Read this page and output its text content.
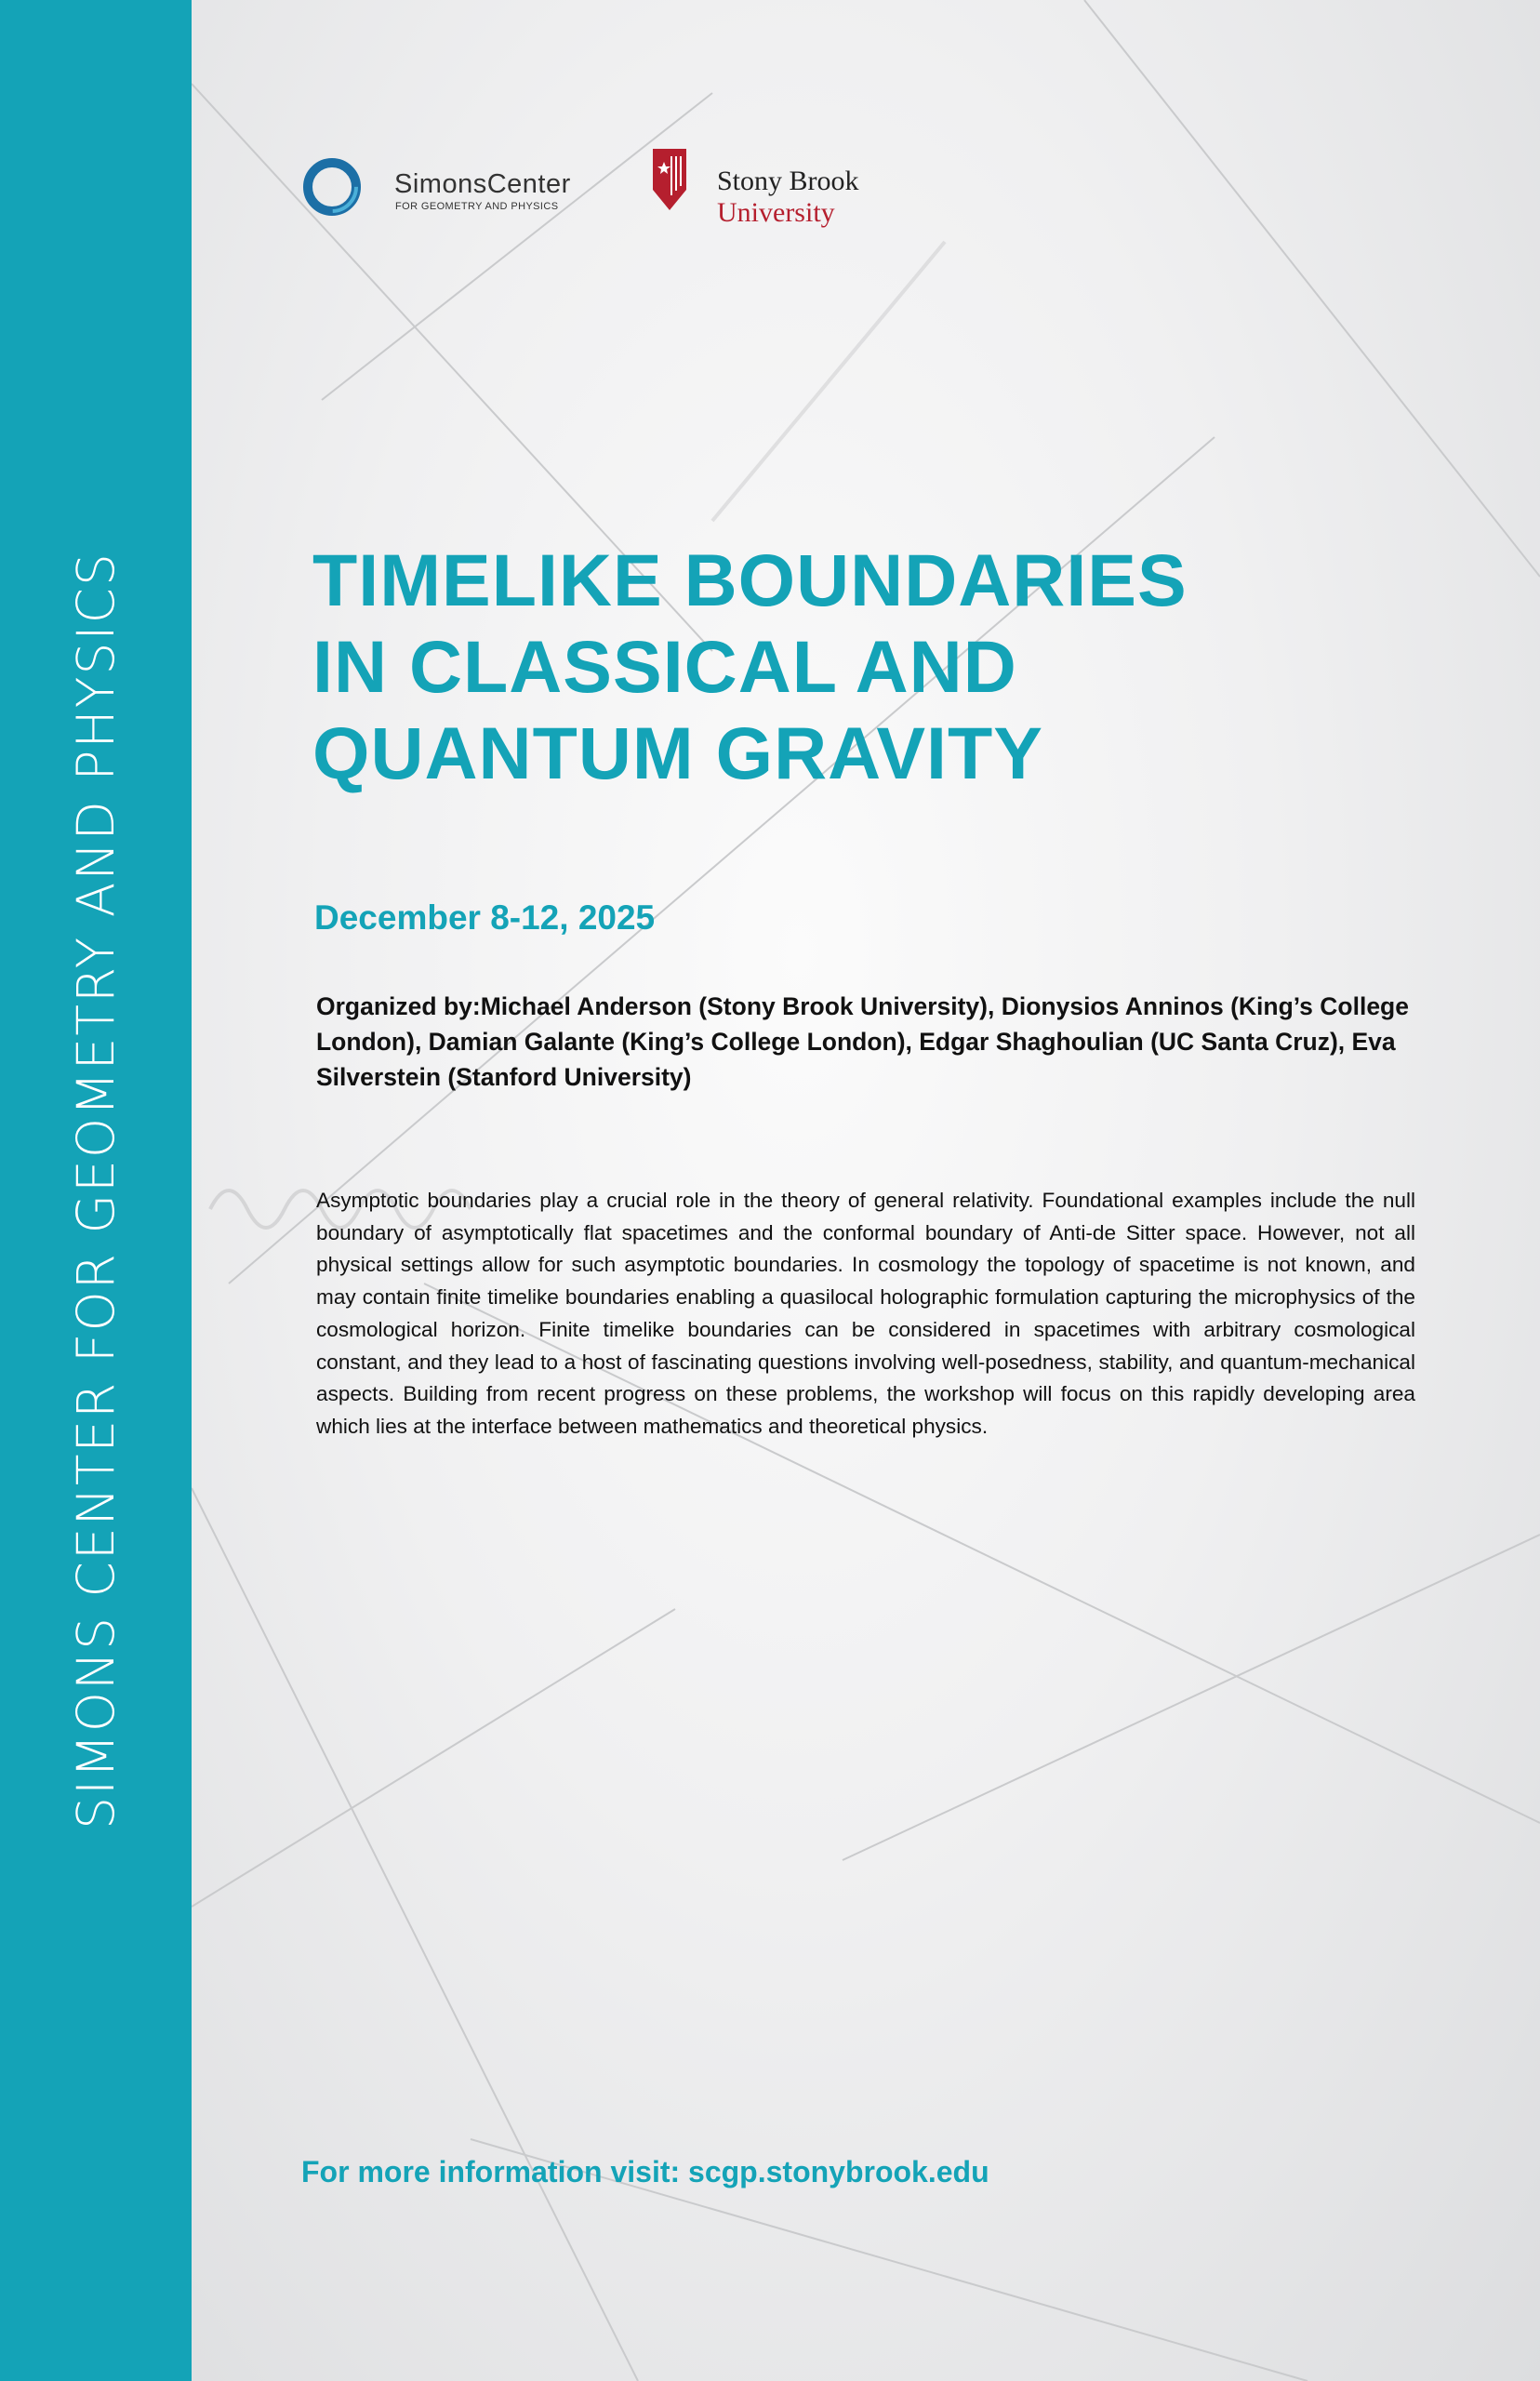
SIMONS CENTER FOR GEOMETRY AND PHYSICS
SimonsCenter
FOR GEOMETRY AND PHYSICS
Stony Brook
University
TIMELIKE BOUNDARIES
IN CLASSICAL AND
QUANTUM GRAVITY
December 8-12, 2025

Organized by:Michael Anderson (Stony Brook University), Dionysios Anninos (King’s College London), Damian Galante (King’s College London), Edgar Shaghoulian (UC Santa Cruz), Eva Silverstein (Stanford University)

Asymptotic boundaries play a crucial role in the theory of general relativity. Foundational examples include the null boundary of asymptotically flat spacetimes and the conformal boundary of Anti-de Sitter space. However, not all physical settings allow for such asymptotic boundaries. In cosmology the topology of spacetime is not known, and may contain finite timelike boundaries enabling a quasilocal holographic formulation capturing the microphysics of the cosmological horizon. Finite timelike boundaries can be considered in spacetimes with arbitrary cosmological constant, and they lead to a host of fascinating questions involving well-posedness, stability, and quantum-mechanical aspects. Building from recent progress on these problems, the workshop will focus on this rapidly developing area which lies at the interface between mathematics and theoretical physics.

For more information visit: scgp.stonybrook.edu
